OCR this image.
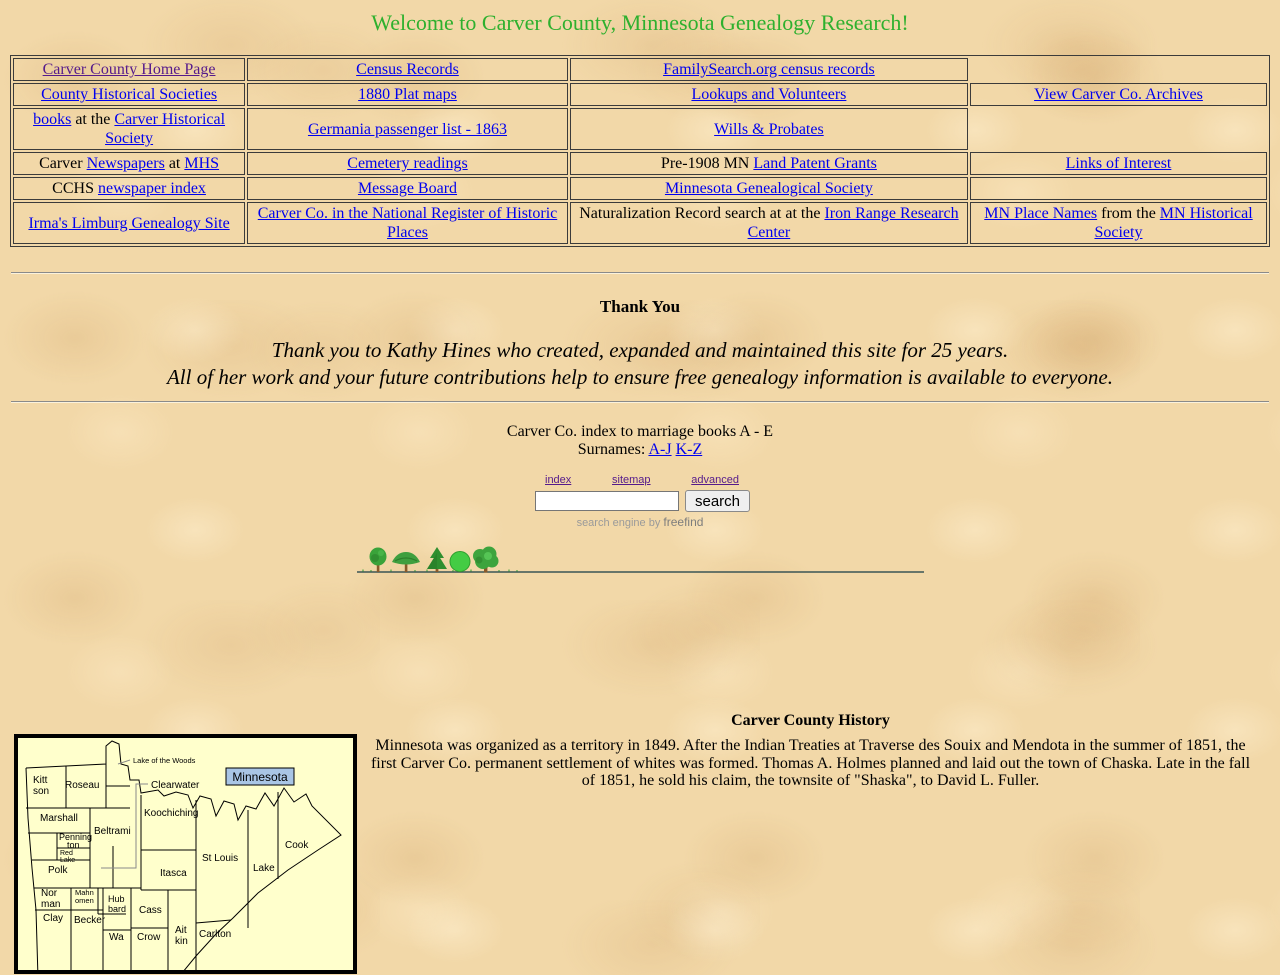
Welcome to Carver County, Minnesota Genealogy Research!
Carver County Home Page	Census Records	FamilySearch.org census records	
County Historical Societies	1880 Plat maps	Lookups and Volunteers	View Carver Co. Archives
books at the Carver Historical Society	Germania passenger list - 1863	Wills & Probates	
Carver Newspapers at MHS	Cemetery readings	Pre-1908 MN Land Patent Grants	Links of Interest
CCHS newspaper index	Message Board	Minnesota Genealogical Society	
Irma's Limburg Genealogy Site	Carver Co. in the National Register of Historic Places	Naturalization Record search at at the Iron Range Research Center	MN Place Names from the MN Historical Society
Thank You
Thank you to Kathy Hines who created, expanded and maintained this site for 25 years.
All of her work and your future contributions help to ensure free genealogy information is available to everyone.
Carver Co. index to marriage books A - E
Surnames: A-J K-Z
index	sitemap	advanced
search
search engine by freefind
Minnesota
Lake of the Woods
Clearwater
Kitt
son
Roseau
Marshall
Penning
ton
Red
Lake
Polk
Beltrami
Koochiching
St Louis
Cook
Lake
Itasca
Nor
man
Mahn
omen Hub
bard Cass
Clay Becker
Ait
kin
Carlton
Wa Crow
Carver County History
Minnesota was organized as a territory in 1849. After the Indian Treaties at Traverse des Souix and Mendota in the summer of 1851, the first Carver Co. permanent settlement of whites was formed. Thomas A. Holmes planned and laid out the town of Chaska. Late in the fall of 1851, he sold his claim, the townsite of "Shaska", to David L. Fuller.
